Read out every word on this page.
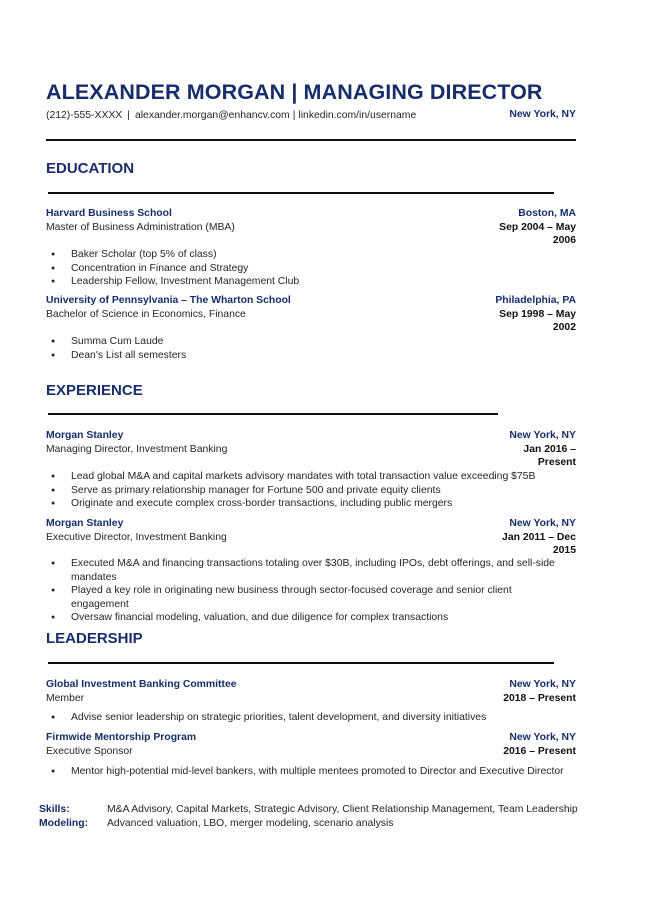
ALEXANDER MORGAN | MANAGING DIRECTOR
(212)-555-XXXX | alexander.morgan@enhancv.com | linkedin.com/in/username	New York, NY
EDUCATION
Harvard Business School
Master of Business Administration (MBA)
Boston, MA
Sep 2004 – May
2006
● Baker Scholar (top 5% of class)
● Concentration in Finance and Strategy
● Leadership Fellow, Investment Management Club
University of Pennsylvania – The Wharton School
Bachelor of Science in Economics, Finance
Philadelphia, PA
Sep 1998 – May
2002
● Summa Cum Laude
● Dean's List all semesters
EXPERIENCE
Morgan Stanley
Managing Director, Investment Banking
New York, NY
Jan 2016 –
Present
● Lead global M&A and capital markets advisory mandates with total transaction value exceeding $75B
● Serve as primary relationship manager for Fortune 500 and private equity clients
● Originate and execute complex cross-border transactions, including public mergers
Morgan Stanley
Executive Director, Investment Banking
New York, NY
Jan 2011 – Dec
2015
● Executed M&A and financing transactions totaling over $30B, including IPOs, debt offerings, and sell-side mandates
● Played a key role in originating new business through sector-focused coverage and senior client engagement
● Oversaw financial modeling, valuation, and due diligence for complex transactions
LEADERSHIP
Global Investment Banking Committee
Member
New York, NY
2018 – Present
● Advise senior leadership on strategic priorities, talent development, and diversity initiatives
Firmwide Mentorship Program
Executive Sponsor
New York, NY
2016 – Present
● Mentor high-potential mid-level bankers, with multiple mentees promoted to Director and Executive Director
Skills:	M&A Advisory, Capital Markets, Strategic Advisory, Client Relationship Management, Team Leadership
Modeling: Advanced valuation, LBO, merger modeling, scenario analysis
